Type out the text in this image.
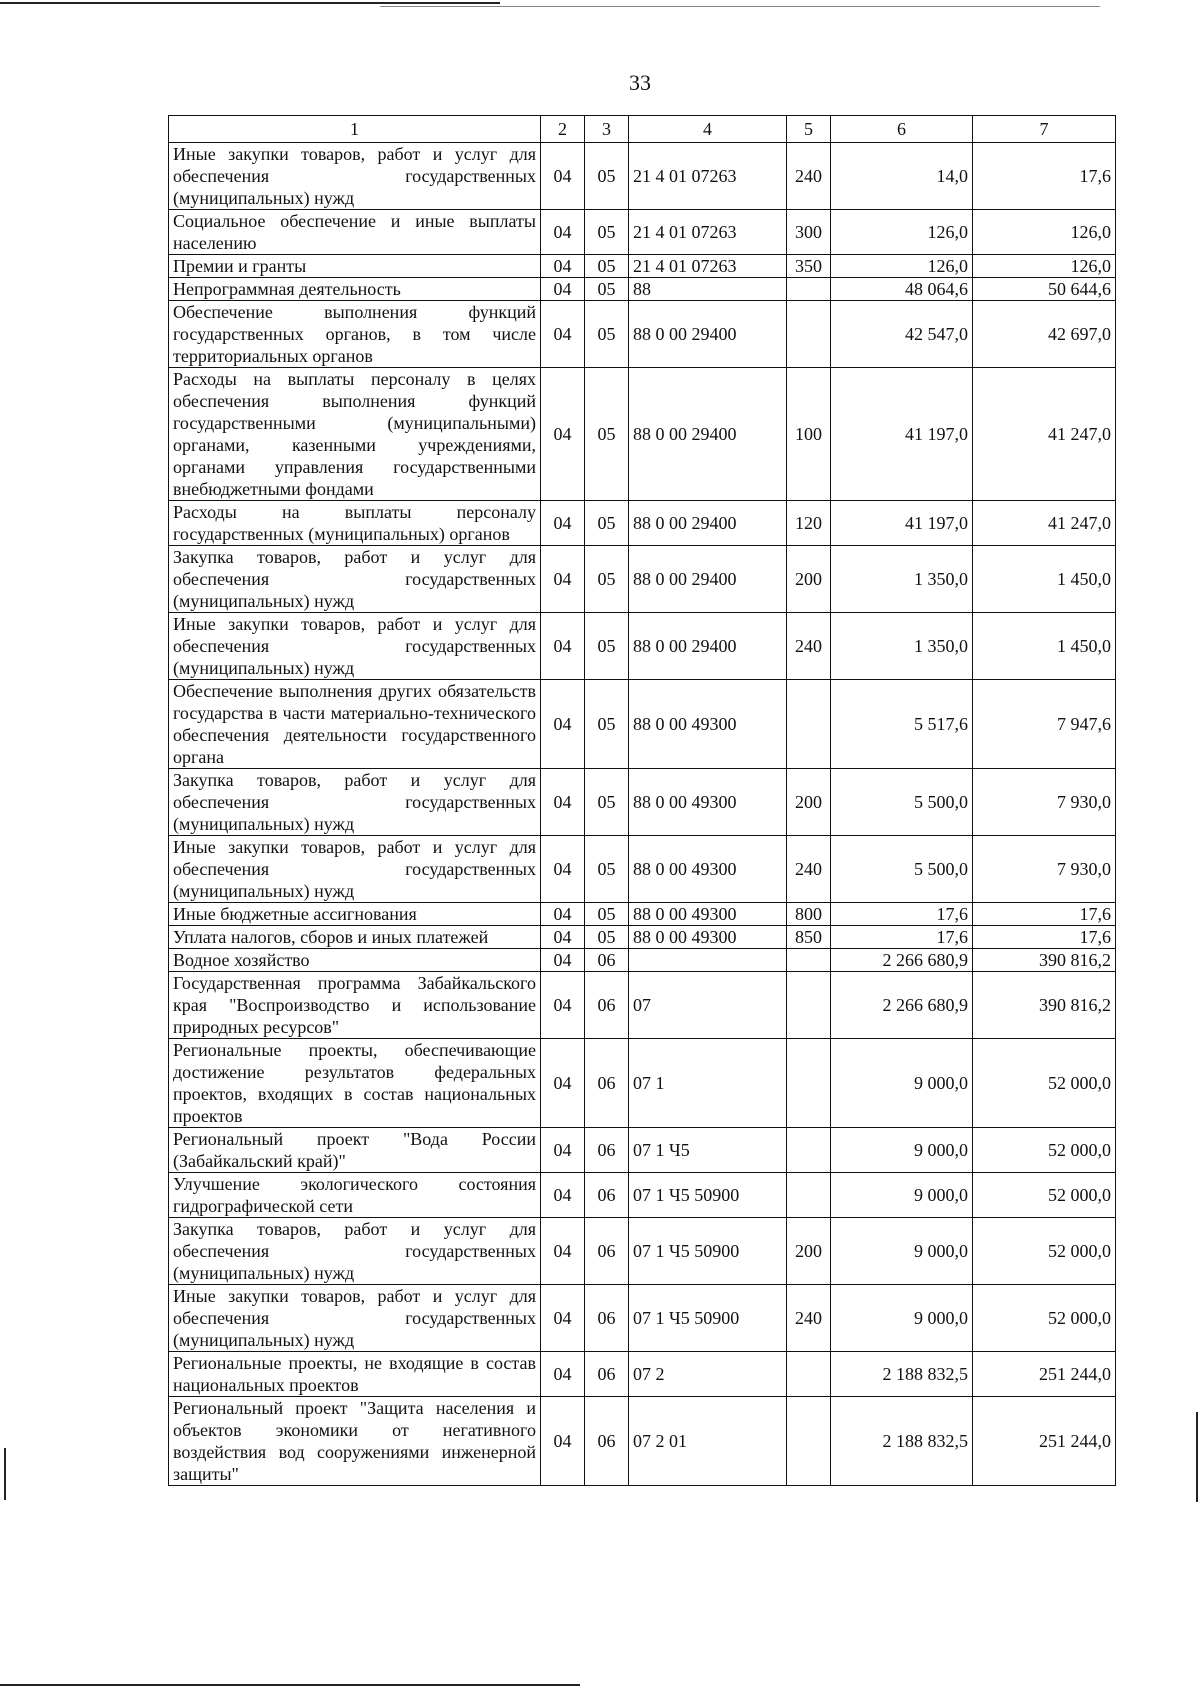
33
1	2	3	4	5	6	7
Иные закупки товаров, работ и услуг для обеспечения государственных (муниципальных) нужд	04	05	21 4 01 07263	240	14,0	17,6
Социальное обеспечение и иные выплаты населению	04	05	21 4 01 07263	300	126,0	126,0
Премии и гранты	04	05	21 4 01 07263	350	126,0	126,0
Непрограммная деятельность	04	05	88		48 064,6	50 644,6
Обеспечение выполнения функций государственных органов, в том числе территориальных органов	04	05	88 0 00 29400		42 547,0	42 697,0
Расходы на выплаты персоналу в целях обеспечения выполнения функций государственными (муниципальными) органами, казенными учреждениями, органами управления государственными внебюджетными фондами	04	05	88 0 00 29400	100	41 197,0	41 247,0
Расходы на выплаты персоналу государственных (муниципальных) органов	04	05	88 0 00 29400	120	41 197,0	41 247,0
Закупка товаров, работ и услуг для обеспечения государственных (муниципальных) нужд	04	05	88 0 00 29400	200	1 350,0	1 450,0
Иные закупки товаров, работ и услуг для обеспечения государственных (муниципальных) нужд	04	05	88 0 00 29400	240	1 350,0	1 450,0
Обеспечение выполнения других обязательств государства в части материально-технического обеспечения деятельности государственного органа	04	05	88 0 00 49300		5 517,6	7 947,6
Закупка товаров, работ и услуг для обеспечения государственных (муниципальных) нужд	04	05	88 0 00 49300	200	5 500,0	7 930,0
Иные закупки товаров, работ и услуг для обеспечения государственных (муниципальных) нужд	04	05	88 0 00 49300	240	5 500,0	7 930,0
Иные бюджетные ассигнования	04	05	88 0 00 49300	800	17,6	17,6
Уплата налогов, сборов и иных платежей	04	05	88 0 00 49300	850	17,6	17,6
Водное хозяйство	04	06			2 266 680,9	390 816,2
Государственная программа Забайкальского края "Воспроизводство и использование природных ресурсов"	04	06	07		2 266 680,9	390 816,2
Региональные проекты, обеспечивающие достижение результатов федеральных проектов, входящих в состав национальных проектов	04	06	07 1		9 000,0	52 000,0
Региональный проект "Вода России (Забайкальский край)"	04	06	07 1 Ч5		9 000,0	52 000,0
Улучшение экологического состояния гидрографической сети	04	06	07 1 Ч5 50900		9 000,0	52 000,0
Закупка товаров, работ и услуг для обеспечения государственных (муниципальных) нужд	04	06	07 1 Ч5 50900	200	9 000,0	52 000,0
Иные закупки товаров, работ и услуг для обеспечения государственных (муниципальных) нужд	04	06	07 1 Ч5 50900	240	9 000,0	52 000,0
Региональные проекты, не входящие в состав национальных проектов	04	06	07 2		2 188 832,5	251 244,0
Региональный проект "Защита населения и объектов экономики от негативного воздействия вод сооружениями инженерной защиты"	04	06	07 2 01		2 188 832,5	251 244,0
